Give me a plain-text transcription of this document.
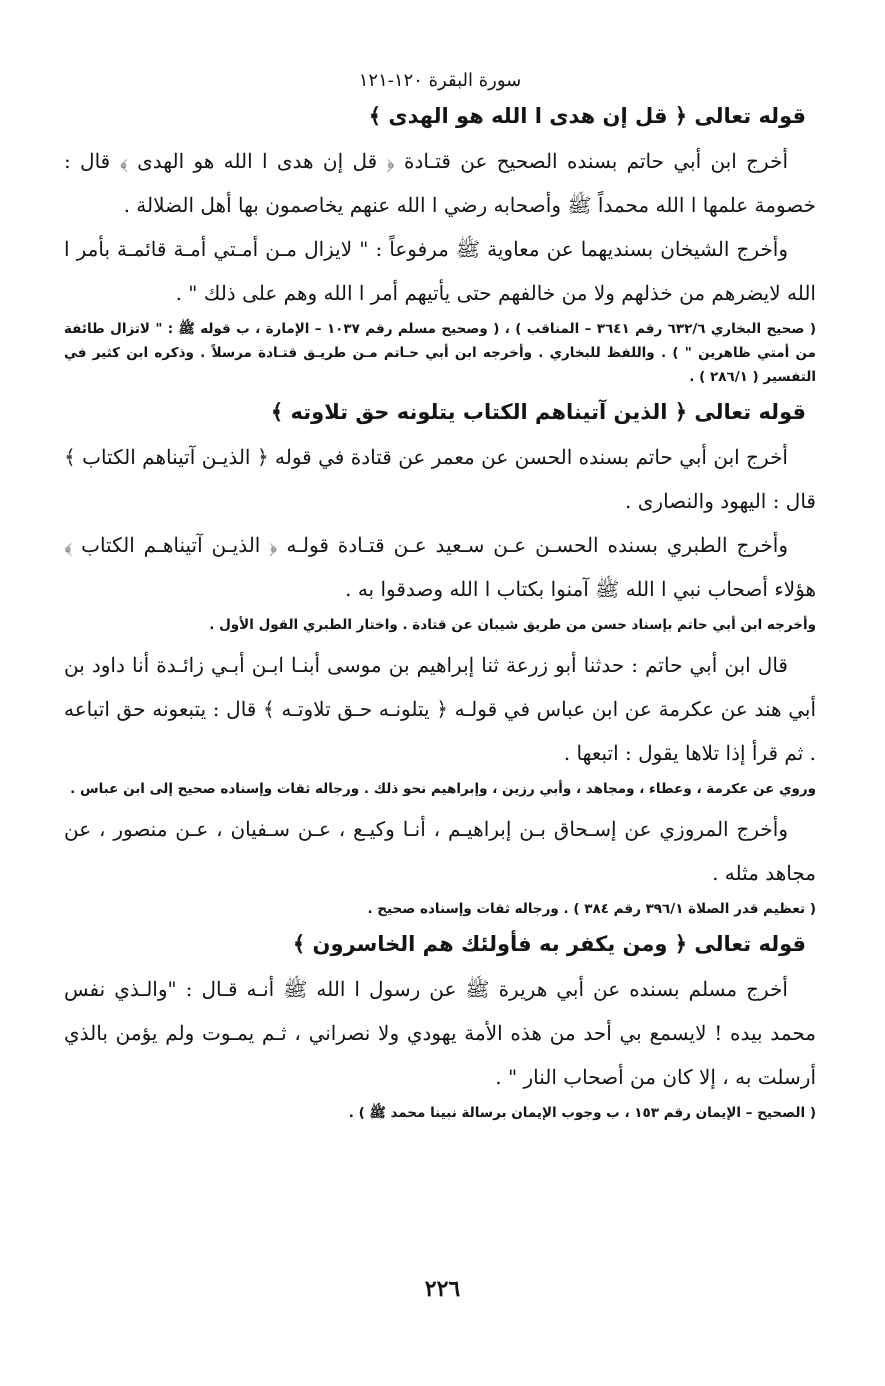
سورة البقرة ١٢٠-١٢١
قوله تعالى ﴿ قل إن هدى ا الله هو الهدى ﴾

أخرج ابن أبي حاتم بسنده الصحيح عن قتـادة ﴿ قل إن هدى ا الله هو الهدى ﴾ قال : خصومة علمها ا الله محمداً ﷺ وأصحابه رضي ا الله عنهم يخاصمون بها أهل الضلالة .

وأخرج الشيخان بسنديهما عن معاوية ﷺ مرفوعاً : " لايزال مـن أمـتي أمـة قائمـة بأمر ا الله لايضرهم من خذلهم ولا من خالفهم حتى يأتيهم أمر ا الله وهم على ذلك " .

( صحيح البخاري ٦٣٢/٦ رقم ٣٦٤١ – المناقب ) ، ( وصحيح مسلم رقم ١٠٣٧ – الإمارة ، ب قوله ﷺ : " لاتزال طائفة من أمتي ظاهرين " ) . واللفظ للبخاري . وأخرجه ابن أبي حـاتم مـن طريـق قتـادة مرسلاً . وذكره ابن كثير في التفسير ( ٢٨٦/١ ) .
قوله تعالى ﴿ الذين آتيناهم الكتاب يتلونه حق تلاوته ﴾

أخرج ابن أبي حاتم بسنده الحسن عن معمر عن قتادة في قوله ﴿ الذيـن آتيناهم الكتاب ﴾ قال : اليهود والنصارى .

وأخرج الطبري بسنده الحسـن عـن سـعيد عـن قتـادة قولـه ﴿ الذيـن آتيناهـم الكتاب ﴾ هؤلاء أصحاب نبي ا الله ﷺ آمنوا بكتاب ا الله وصدقوا به .

وأخرجه ابن أبي حاتم بإسناد حسن من طريق شيبان عن قتادة . واختار الطبري القول الأول .

قال ابن أبي حاتم : حدثنا أبو زرعة ثنا إبراهيم بن موسى أبنـا ابـن أبـي زائـدة أنا داود بن أبي هند عن عكرمة عن ابن عباس في قولـه ﴿ يتلونـه حـق تلاوتـه ﴾ قال : يتبعونه حق اتباعه . ثم قرأ إذا تلاها يقول : اتبعها .

وروي عن عكرمة ، وعطاء ، ومجاهد ، وأبي رزين ، وإبراهيم نحو ذلك . ورجاله ثقات وإسناده صحيح إلى ابن عباس .

وأخرج المروزي عن إسـحاق بـن إبراهيـم ، أنـا وكيـع ، عـن سـفيان ، عـن منصور ، عن مجاهد مثله .

( تعظيم قدر الصلاة ٣٩٦/١ رقم ٣٨٤ ) . ورجاله ثقات وإسناده صحيح .
قوله تعالى ﴿ ومن يكفر به فأولئك هم الخاسرون ﴾

أخرج مسلم بسنده عن أبي هريرة ﷺ عن رسول ا الله ﷺ أنـه قـال : "والـذي نفس محمد بيده ! لايسمع بي أحد من هذه الأمة يهودي ولا نصراني ، ثـم يمـوت ولم يؤمن بالذي أرسلت به ، إلا كان من أصحاب النار " .

( الصحيح – الإيمان رقم ١٥٣ ، ب وجوب الإيمان برسالة نبينا محمد ﷺ ) .
٢٢٦
